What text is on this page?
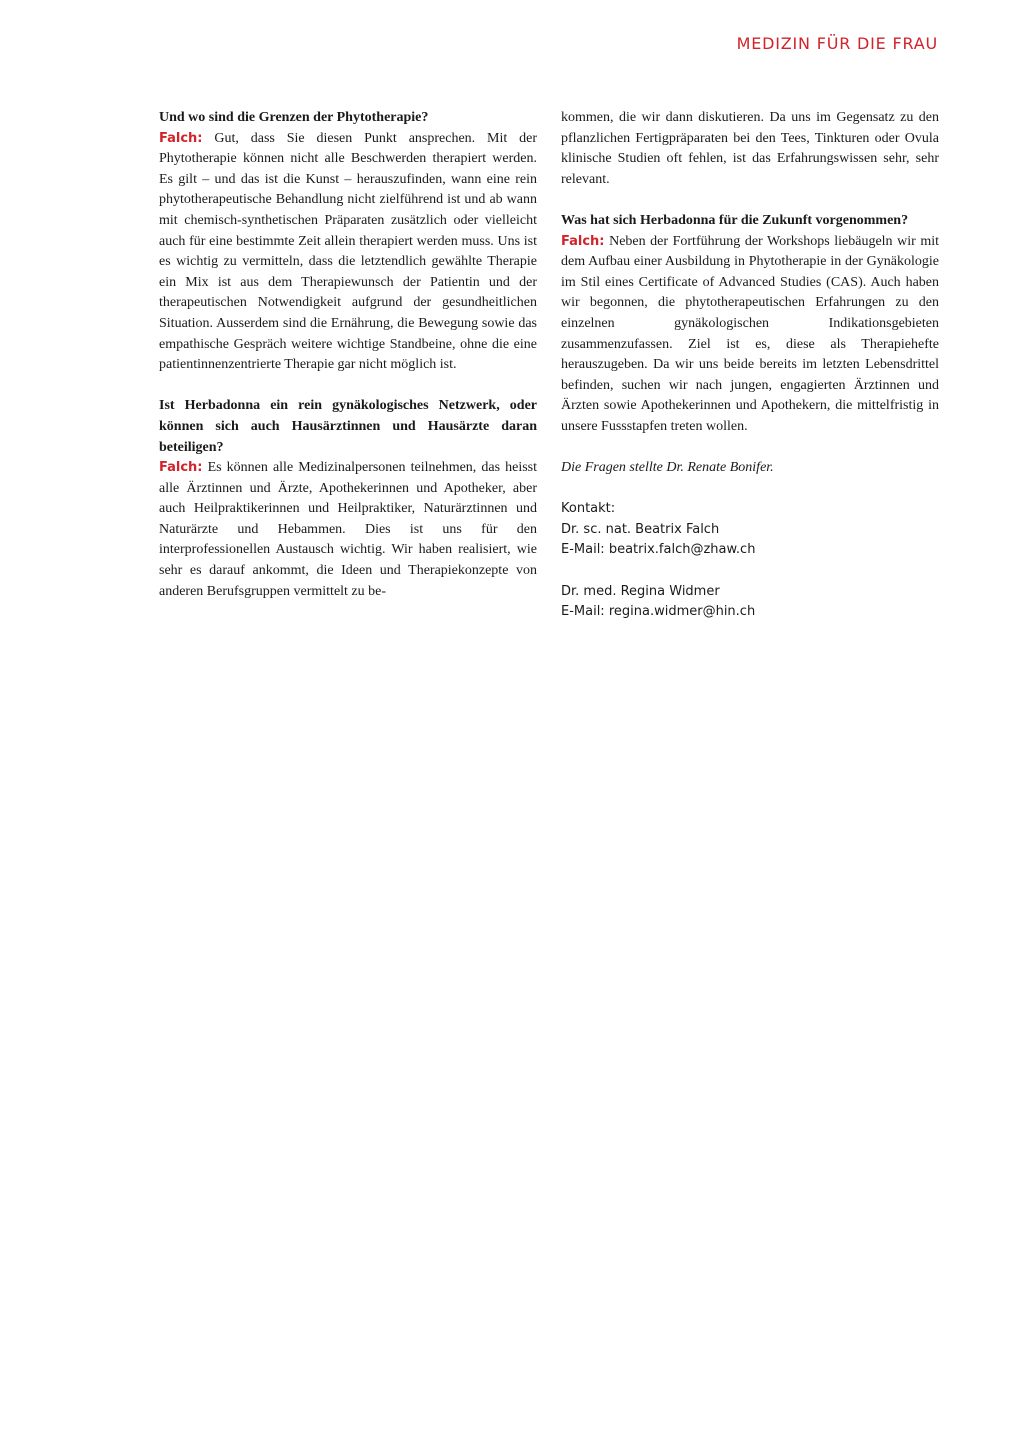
MEDIZIN FÜR DIE FRAU

Und wo sind die Grenzen der Phytotherapie?

Falch: Gut, dass Sie diesen Punkt ansprechen. Mit der Phytotherapie können nicht alle Beschwerden therapiert werden. Es gilt – und das ist die Kunst – herauszufinden, wann eine rein phytotherapeutische Behandlung nicht zielführend ist und ab wann mit chemisch-synthetischen Präparaten zusätzlich oder vielleicht auch für eine bestimmte Zeit allein therapiert werden muss. Uns ist es wichtig zu vermitteln, dass die letztendlich gewählte Therapie ein Mix ist aus dem Therapiewunsch der Patientin und der therapeutischen Notwendigkeit aufgrund der gesundheitlichen Situation. Ausserdem sind die Ernährung, die Bewegung sowie das empathische Gespräch weitere wichtige Standbeine, ohne die eine patientinnenzentrierte Therapie gar nicht möglich ist.

Ist Herbadonna ein rein gynäkologisches Netzwerk, oder können sich auch Hausärztinnen und Hausärzte daran beteiligen?

Falch: Es können alle Medizinalpersonen teilnehmen, das heisst alle Ärztinnen und Ärzte, Apothekerinnen und Apotheker, aber auch Heilpraktikerinnen und Heilpraktiker, Naturärztinnen und Naturärzte und Hebammen. Dies ist uns für den interprofessionellen Austausch wichtig. Wir haben realisiert, wie sehr es darauf ankommt, die Ideen und Therapiekonzepte von anderen Berufsgruppen vermittelt zu be-

kommen, die wir dann diskutieren. Da uns im Gegensatz zu den pflanzlichen Fertigpräparaten bei den Tees, Tinkturen oder Ovula klinische Studien oft fehlen, ist das Erfahrungswissen sehr, sehr relevant.

Was hat sich Herbadonna für die Zukunft vorgenommen?

Falch: Neben der Fortführung der Workshops liebäugeln wir mit dem Aufbau einer Ausbildung in Phytotherapie in der Gynäkologie im Stil eines Certificate of Advanced Studies (CAS). Auch haben wir begonnen, die phytotherapeutischen Erfahrungen zu den einzelnen gynäkologischen Indikationsgebieten zusammenzufassen. Ziel ist es, diese als Therapiehefte herauszugeben. Da wir uns beide bereits im letzten Lebensdrittel befinden, suchen wir nach jungen, engagierten Ärztinnen und Ärzten sowie Apothekerinnen und Apothekern, die mittelfristig in unsere Fussstapfen treten wollen.

Die Fragen stellte Dr. Renate Bonifer.

Kontakt:
Dr. sc. nat. Beatrix Falch
E-Mail: beatrix.falch@zhaw.ch
Dr. med. Regina Widmer
E-Mail: regina.widmer@hin.ch
